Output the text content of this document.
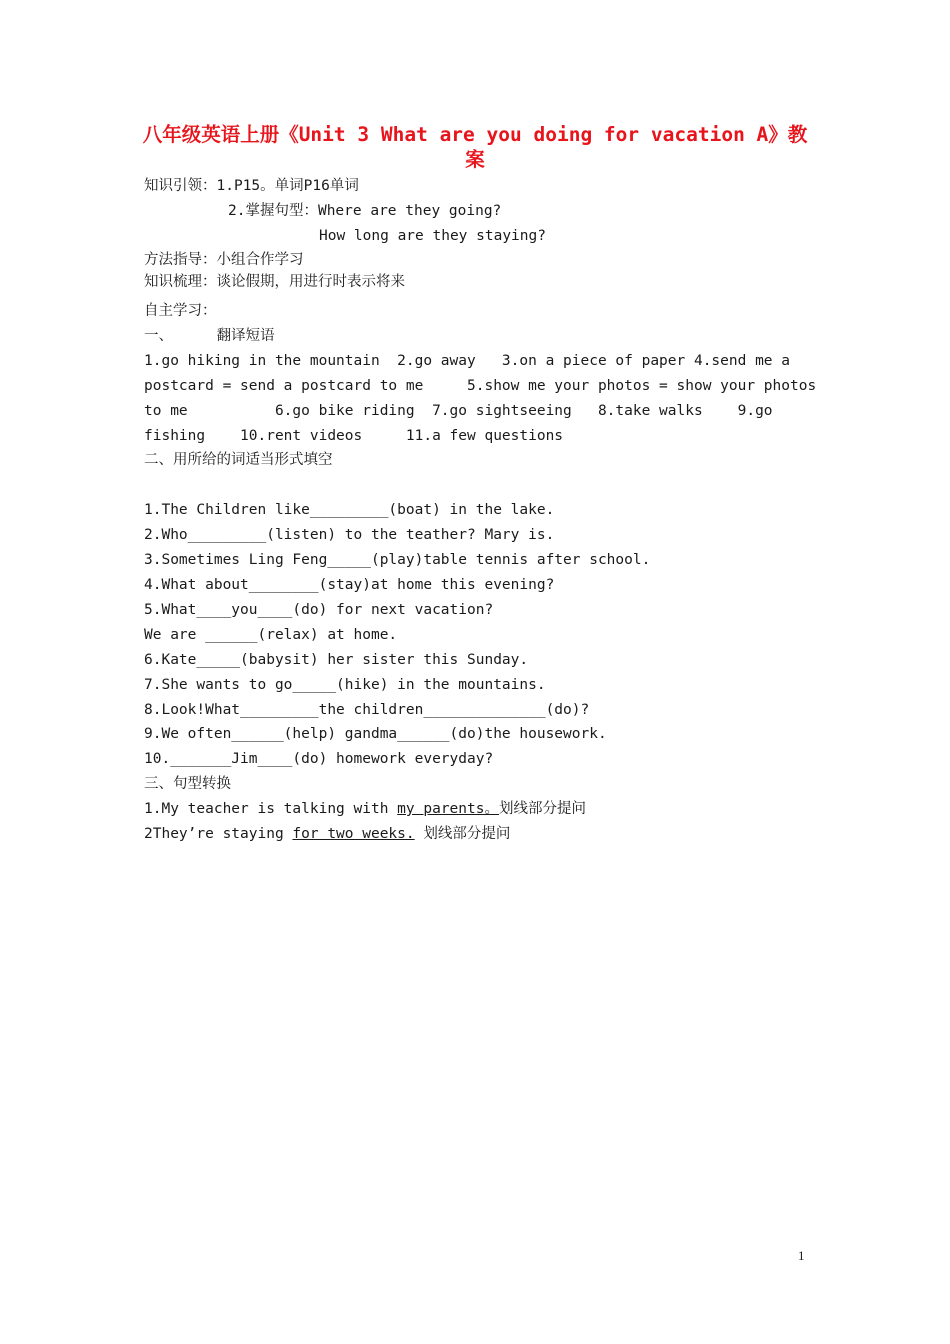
八年级英语上册《Unit 3 What are you doing for vacation A》教
案
知识引领：1.P15。单词P16单词
2.掌握句型：Where are they going?
How long are they staying?
方法指导：小组合作学习
知识梳理：谈论假期，用进行时表示将来
自主学习：
一、     翻译短语
1.go hiking in the mountain  2.go away   3.on a piece of paper 4.send me a
postcard = send a postcard to me     5.show me your photos = show your photos
to me          6.go bike riding  7.go sightseeing   8.take walks    9.go
fishing    10.rent videos     11.a few questions
二、用所给的词适当形式填空
1.The Children like_________(boat) in the lake.
2.Who_________(listen) to the teather? Mary is.
3.Sometimes Ling Feng_____(play)table tennis after school.
4.What about________(stay)at home this evening?
5.What____you____(do) for next vacation?
We are ______(relax) at home.
6.Kate_____(babysit) her sister this Sunday.
7.She wants to go_____(hike) in the mountains.
8.Look!What_________the children______________(do)?
9.We often______(help) gandma______(do)the housework.
10._______Jim____(do) homework everyday?
三、句型转换
1.My teacher is talking with my parents。划线部分提问
2They’re staying for two weeks. 划线部分提问
1
